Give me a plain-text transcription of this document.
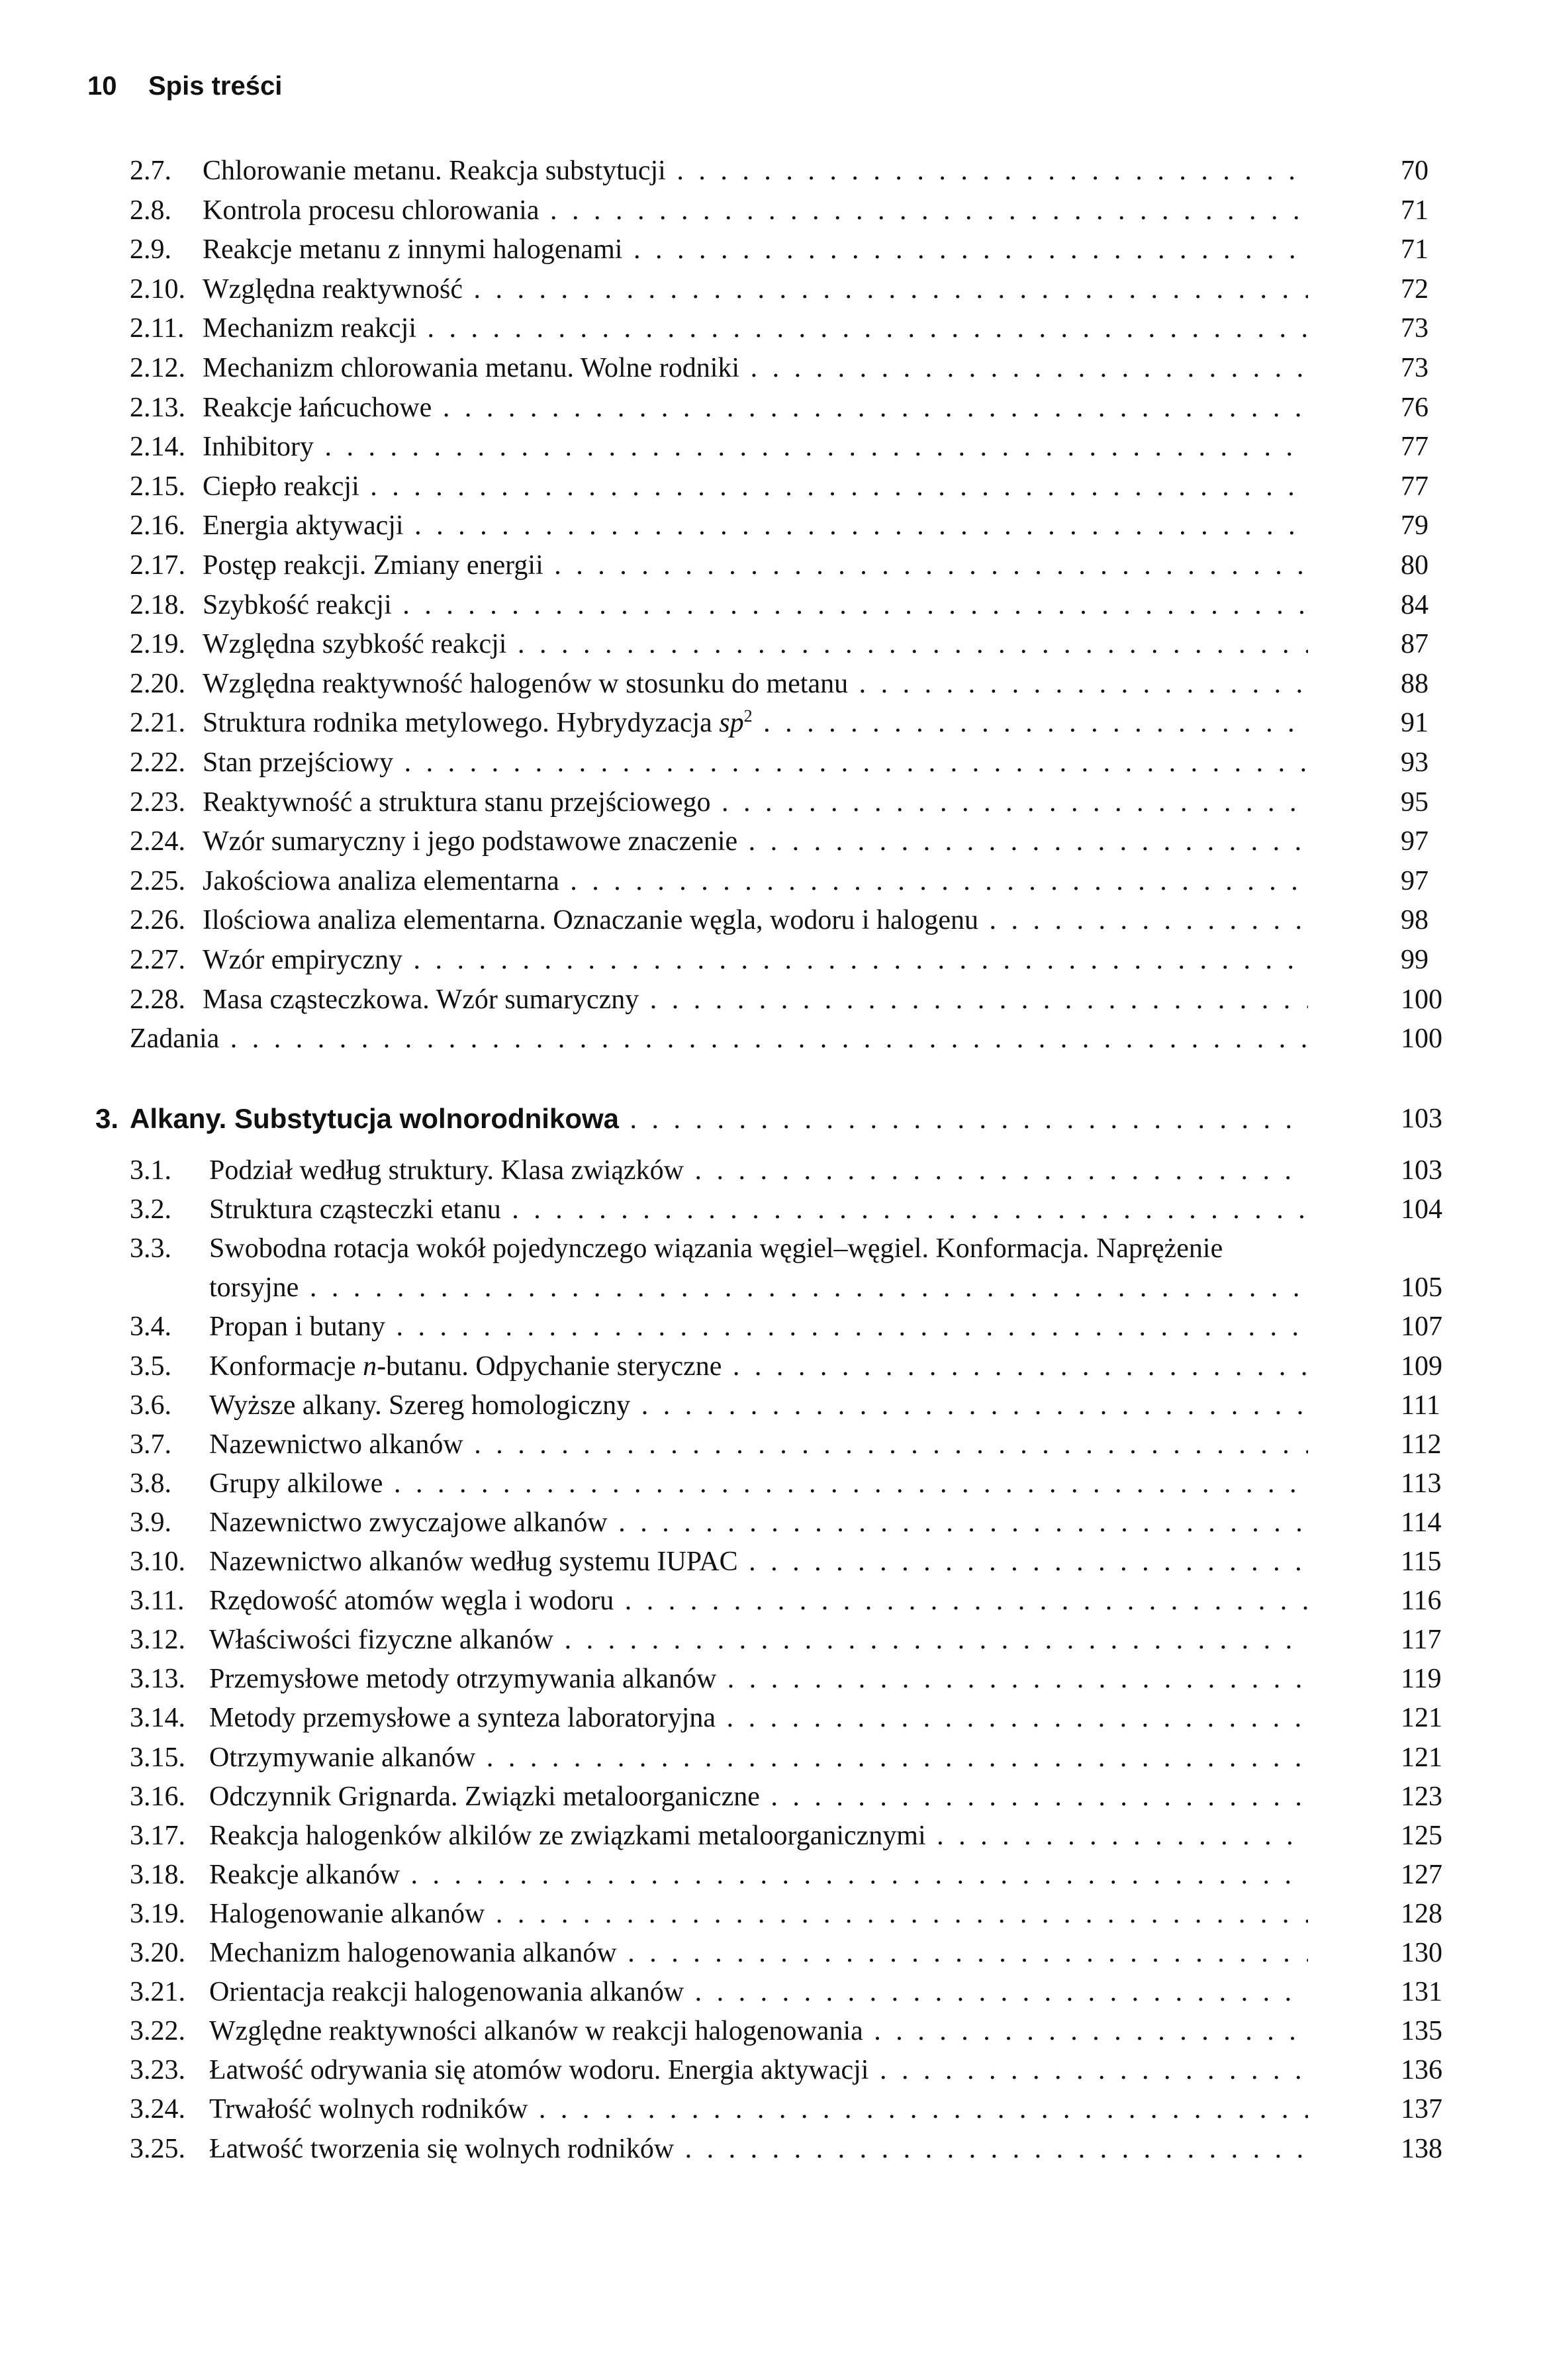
10 Spis treści
2.7. Chlorowanie metanu. Reakcja substytucji . . .	70
2.8. Kontrola procesu chlorowania . . .	71
2.9. Reakcje metanu z innymi halogenami . . .	71
2.10. Względna reaktywność . . .	72
2.11. Mechanizm reakcji . . .	73
2.12. Mechanizm chlorowania metanu. Wolne rodniki . . .	73
2.13. Reakcje łańcuchowe . . .	76
2.14. Inhibitory . . .	77
2.15. Ciepło reakcji . . .	77
2.16. Energia aktywacji . . .	79
2.17. Postęp reakcji. Zmiany energii . . .	80
2.18. Szybkość reakcji . . .	84
2.19. Względna szybkość reakcji . . .	87
2.20. Względna reaktywność halogenów w stosunku do metanu . . .	88
2.21. Struktura rodnika metylowego. Hybrydyzacja $sp^2$ . . .	91
2.22. Stan przejściowy . . .	93
2.23. Reaktywność a struktura stanu przejściowego . . .	95
2.24. Wzór sumaryczny i jego podstawowe znaczenie . . .	97
2.25. Jakościowa analiza elementarna . . .	97
2.26. Ilościowa analiza elementarna. Oznaczanie węgla, wodoru i halogenu . . .	98
2.27. Wzór empiryczny . . .	99
2.28. Masa cząsteczkowa. Wzór sumaryczny . . .	100
Zadania . . .	100
3. Alkany. Substytucja wolnorodnikowa . . .	103
3.1. Podział według struktury. Klasa związków . . .	103
3.2. Struktura cząsteczki etanu . . .	104
3.3. Swobodna rotacja wokół pojedynczego wiązania węgiel–węgiel. Konformacja. Naprężenie
torsyjne . . .	105
3.4. Propan i butany . . .	107
3.5. Konformacje n-butanu. Odpychanie steryczne . . .	109
3.6. Wyższe alkany. Szereg homologiczny . . .	111
3.7. Nazewnictwo alkanów . . .	112
3.8. Grupy alkilowe . . .	113
3.9. Nazewnictwo zwyczajowe alkanów . . .	114
3.10. Nazewnictwo alkanów według systemu IUPAC . . .	115
3.11. Rzędowość atomów węgla i wodoru . . .	116
3.12. Właściwości fizyczne alkanów . . .	117
3.13. Przemysłowe metody otrzymywania alkanów . . .	119
3.14. Metody przemysłowe a synteza laboratoryjna . . .	121
3.15. Otrzymywanie alkanów . . .	121
3.16. Odczynnik Grignarda. Związki metaloorganiczne . . .	123
3.17. Reakcja halogenków alkilów ze związkami metaloorganicznymi . . .	125
3.18. Reakcje alkanów . . .	127
3.19. Halogenowanie alkanów . . .	128
3.20. Mechanizm halogenowania alkanów . . .	130
3.21. Orientacja reakcji halogenowania alkanów . . .	131
3.22. Względne reaktywności alkanów w reakcji halogenowania . . .	135
3.23. Łatwość odrywania się atomów wodoru. Energia aktywacji . . .	136
3.24. Trwałość wolnych rodników . . .	137
3.25. Łatwość tworzenia się wolnych rodników . . .	138
